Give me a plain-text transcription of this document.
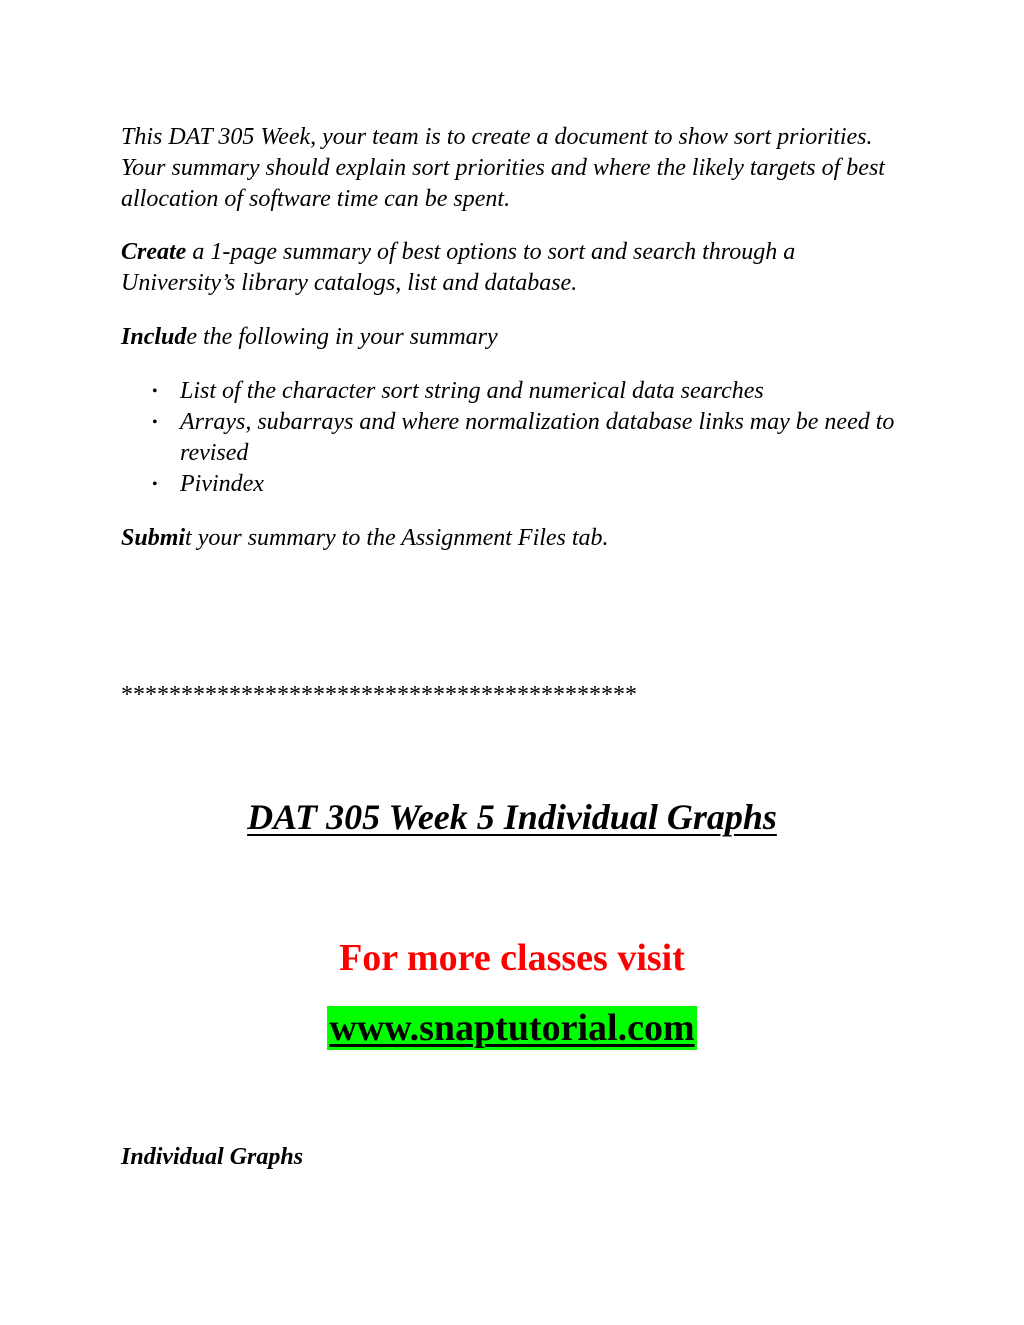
This DAT 305 Week, your team is to create a document to show sort priorities. Your summary should explain sort priorities and where the likely targets of best allocation of software time can be spent.

Create a 1-page summary of best options to sort and search through a University’s library catalogs, list and database.

Include the following in your summary

• List of the character sort string and numerical data searches
• Arrays, subarrays and where normalization database links may be need to revised
• Pivindex

Submit your summary to the Assignment Files tab.

*******************************************

DAT 305 Week 5 Individual Graphs

For more classes visit

www.snaptutorial.com

Individual Graphs
